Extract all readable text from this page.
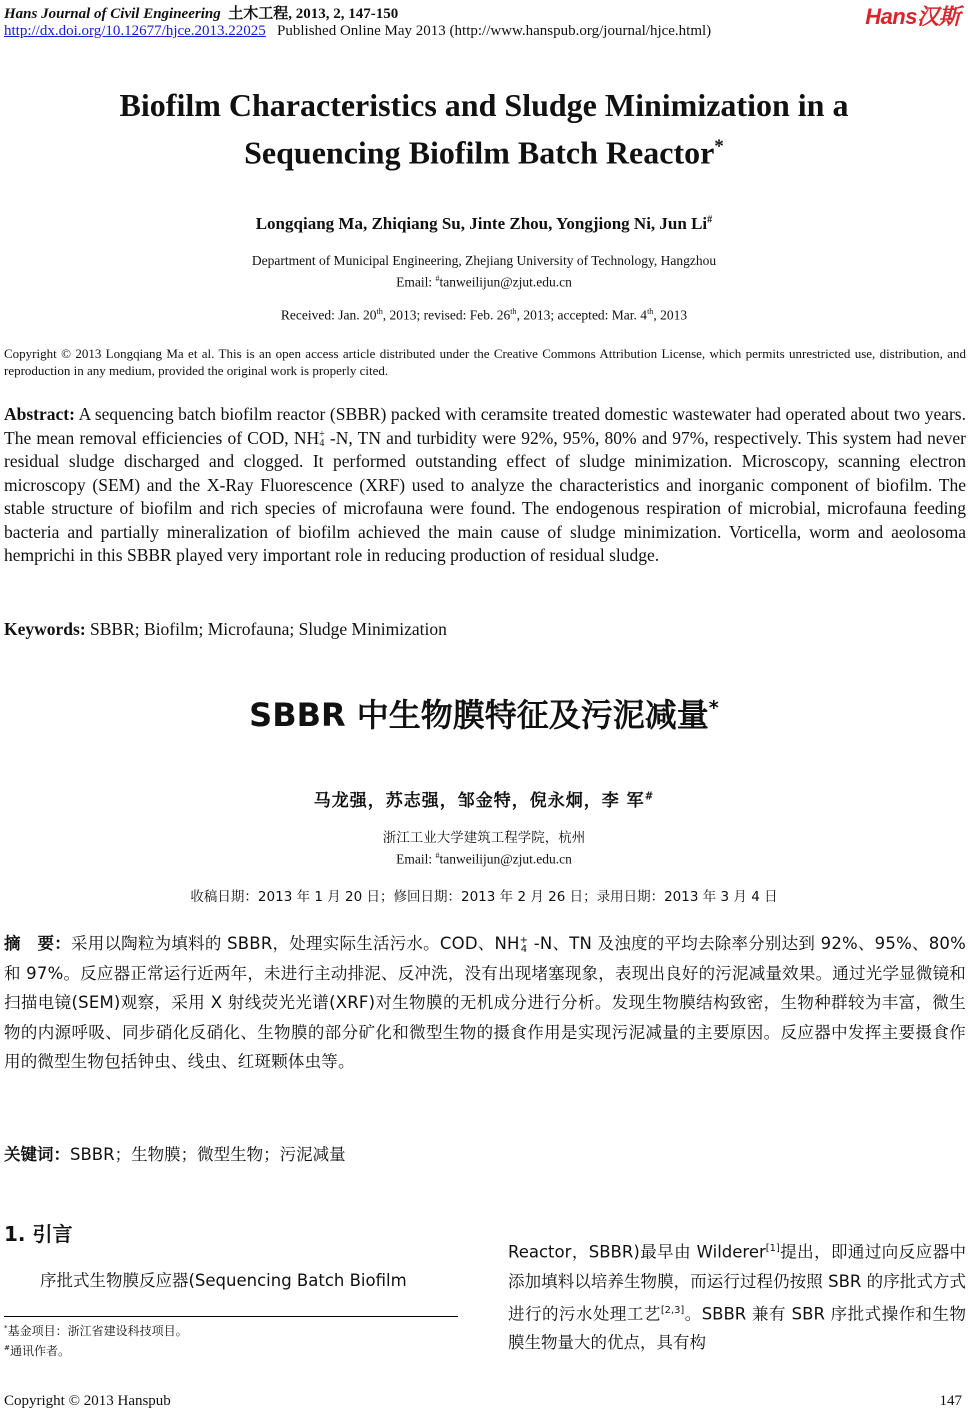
Hans Journal of Civil Engineering 土木工程, 2013, 2, 147-150
http://dx.doi.org/10.12677/hjce.2013.22025 Published Online May 2013 (http://www.hanspub.org/journal/hjce.html)
Hans汉斯
Biofilm Characteristics and Sludge Minimization in a
Sequencing Biofilm Batch Reactor*
Longqiang Ma, Zhiqiang Su, Jinte Zhou, Yongjiong Ni, Jun Li#
Department of Municipal Engineering, Zhejiang University of Technology, Hangzhou
Email: #tanweilijun@zjut.edu.cn
Received: Jan. 20th, 2013; revised: Feb. 26th, 2013; accepted: Mar. 4th, 2013
Copyright © 2013 Longqiang Ma et al. This is an open access article distributed under the Creative Commons Attribution License, which permits unrestricted use, distribution, and reproduction in any medium, provided the original work is properly cited.
Abstract: A sequencing batch biofilm reactor (SBBR) packed with ceramsite treated domestic wastewater had operated about two years. The mean removal efficiencies of COD, NH +
4 -N, TN and turbidity were 92%, 95%, 80% and 97%, respectively. This system had never residual sludge discharged and clogged. It performed outstanding effect of sludge minimization. Microscopy, scanning electron microscopy (SEM) and the X-Ray Fluorescence (XRF) used to analyze the characteristics and inorganic component of biofilm. The stable structure of biofilm and rich species of microfauna were found. The endogenous respiration of microbial, microfauna feeding bacteria and partially mineralization of biofilm achieved the main cause of sludge minimization. Vorticella, worm and aeolosoma hemprichi in this SBBR played very important role in reducing production of residual sludge.
Keywords: SBBR; Biofilm; Microfauna; Sludge Minimization
SBBR 中生物膜特征及污泥减量*
马龙强，苏志强，邹金特，倪永炯，李 军#
浙江工业大学建筑工程学院，杭州
Email: #tanweilijun@zjut.edu.cn
收稿日期：2013 年 1 月 20 日；修回日期：2013 年 2 月 26 日；录用日期：2013 年 3 月 4 日
摘　要：采用以陶粒为填料的 SBBR，处理实际生活污水。COD、NH +
4 -N、TN 及浊度的平均去除率分别达到 92%、95%、80%和 97%。反应器正常运行近两年，未进行主动排泥、反冲洗，没有出现堵塞现象，表现出良好的污泥减量效果。通过光学显微镜和扫描电镜(SEM)观察，采用 X 射线荧光光谱(XRF)对生物膜的无机成分进行分析。发现生物膜结构致密，生物种群较为丰富，微生物的内源呼吸、同步硝化反硝化、生物膜的部分矿化和微型生物的摄食作用是实现污泥减量的主要原因。反应器中发挥主要摄食作用的微型生物包括钟虫、线虫、红斑颗体虫等。
关键词：SBBR；生物膜；微型生物；污泥减量
1. 引言
序批式生物膜反应器(Sequencing Batch Biofilm
Reactor，SBBR)最早由 Wilderer[1]提出，即通过向反应器中添加填料以培养生物膜，而运行过程仍按照 SBR 的序批式方式进行的污水处理工艺[2,3]。SBBR 兼有 SBR 序批式操作和生物膜生物量大的优点，具有构
*基金项目：浙江省建设科技项目。
#通讯作者。
Copyright © 2013 Hanspub	147
